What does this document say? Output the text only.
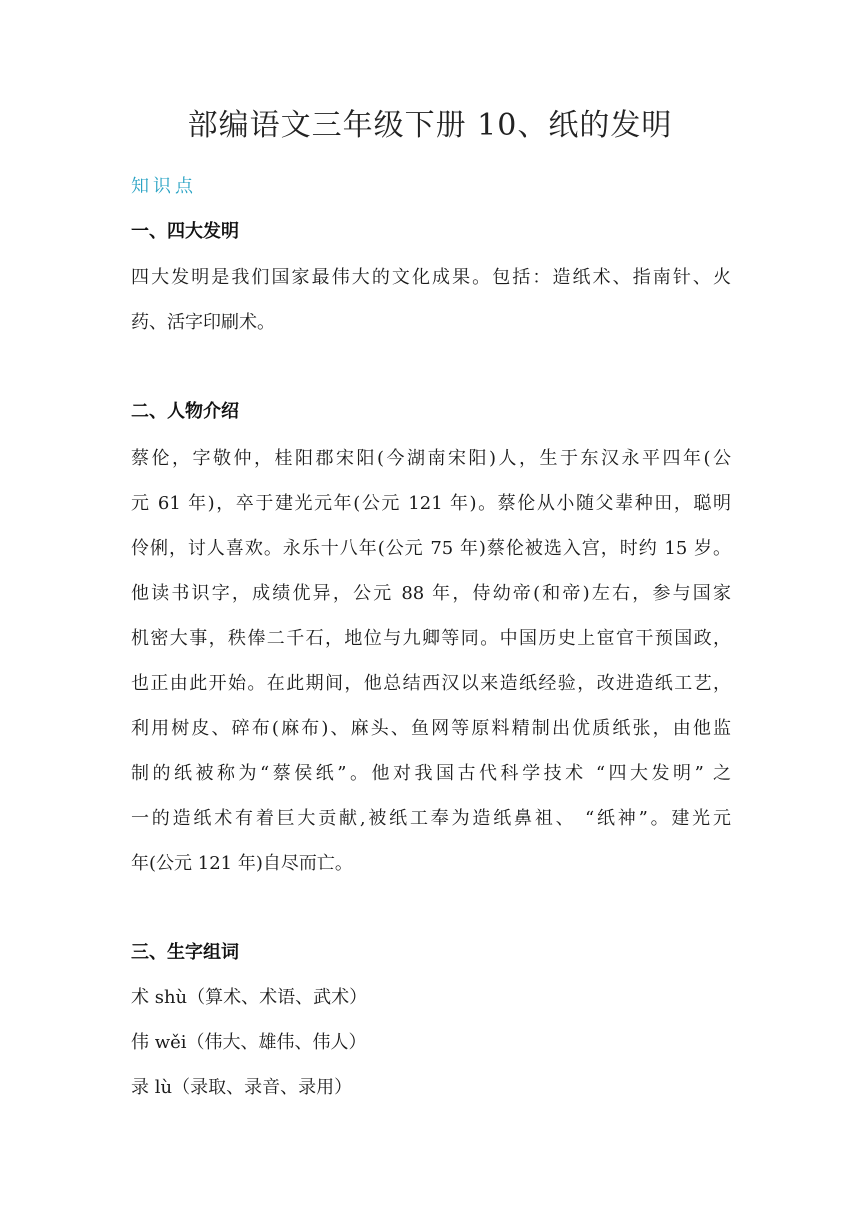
部编语文三年级下册 10、纸的发明
知识点
一、四大发明
四大发明是我们国家最伟大的文化成果。包括：造纸术、指南针、火
药、活字印刷术。
二、人物介绍
蔡伦，字敬仲，桂阳郡宋阳(今湖南宋阳)人，生于东汉永平四年(公
元 61 年)，卒于建光元年(公元 121 年)。蔡伦从小随父辈种田，聪明
伶俐，讨人喜欢。永乐十八年(公元 75 年)蔡伦被选入宫，时约 15 岁。
他读书识字，成绩优异，公元 88 年，侍幼帝(和帝)左右，参与国家
机密大事，秩俸二千石，地位与九卿等同。中国历史上宦官干预国政，
也正由此开始。在此期间，他总结西汉以来造纸经验，改进造纸工艺，
利用树皮、碎布(麻布)、麻头、鱼网等原料精制出优质纸张，由他监
制的纸被称为“蔡侯纸”。他对我国古代科学技术 “四大发明” 之
一的造纸术有着巨大贡献,被纸工奉为造纸鼻祖、 “纸神”。建光元
年(公元 121 年)自尽而亡。
三、生字组词
术 shù（算术、术语、武术）
伟 wěi（伟大、雄伟、伟人）
录 lù（录取、录音、录用）
